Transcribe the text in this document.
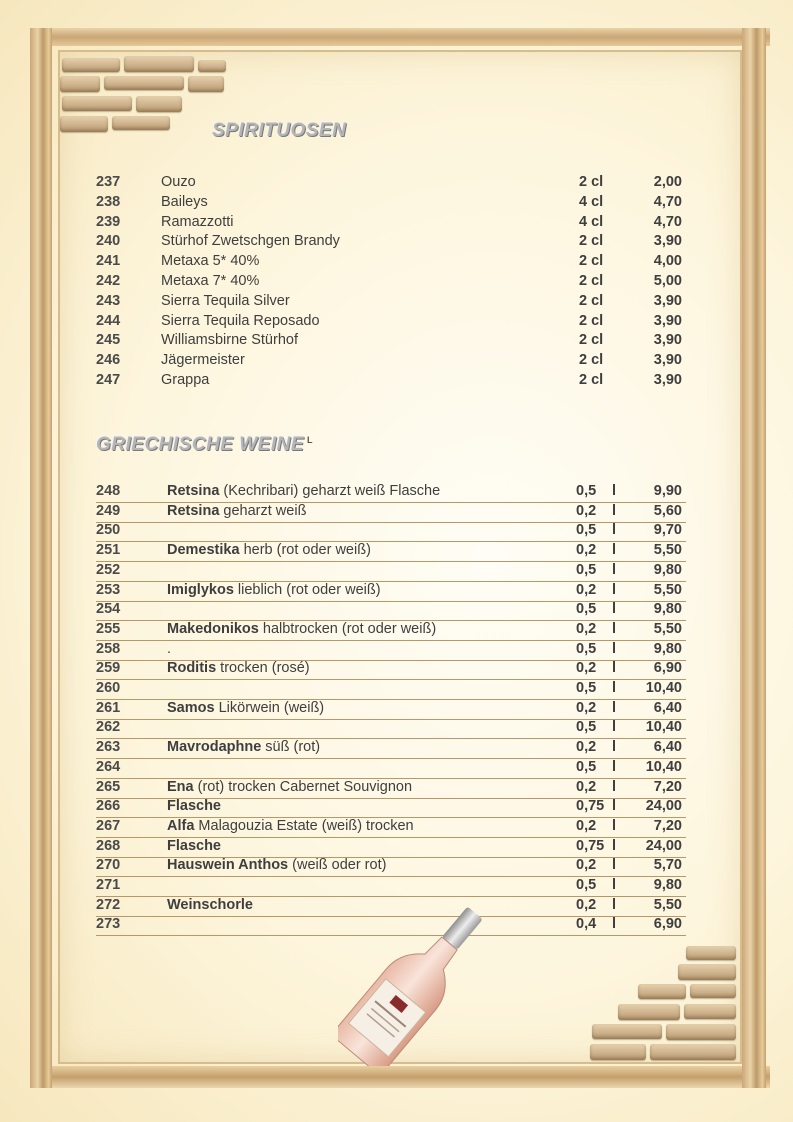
SPIRITUOSEN
237	Ouzo	2 cl	2,00
238	Baileys	4 cl	4,70
239	Ramazzotti	4 cl	4,70
240	Stürhof Zwetschgen Brandy	2 cl	3,90
241	Metaxa 5* 40%	2 cl	4,00
242	Metaxa 7* 40%	2 cl	5,00
243	Sierra Tequila Silver	2 cl	3,90
244	Sierra Tequila Reposado	2 cl	3,90
245	Williamsbirne Stürhof	2 cl	3,90
246	Jägermeister	2 cl	3,90
247	Grappa	2 cl	3,90
GRIECHISCHE WEINE $^L$
248	Retsina (Kechribari) geharzt weiß Flasche	0,5 l	9,90
249	Retsina geharzt weiß	0,2 l	5,60
250	0,5 l	9,70
251	Demestika herb (rot oder weiß)	0,2 l	5,50
252	0,5 l	9,80
253	Imiglykos lieblich (rot oder weiß)	0,2 l	5,50
254	0,5 l	9,80
255	Makedonikos halbtrocken (rot oder weiß)	0,2 l	5,50
258	.	0,5 l	9,80
259	Roditis trocken (rosé)	0,2 l	6,90
260	0,5 l 10,40
261	Samos Likörwein (weiß)	0,2 l	6,40
262	0,5 l 10,40
263	Mavrodaphne süß (rot)	0,2 l	6,40
264	0,5 l 10,40
265	Ena (rot) trocken Cabernet Souvignon	0,2 l	7,20
266	Flasche	0,75 l 24,00
267	Alfa Malagouzia Estate (weiß) trocken	0,2 l	7,20
268	Flasche	0,75 l 24,00
270	Hauswein Anthos (weiß oder rot)	0,2 l	5,70
271	0,5 l	9,80
272	Weinschorle	0,2 l	5,50
273	0,4 l	6,90
